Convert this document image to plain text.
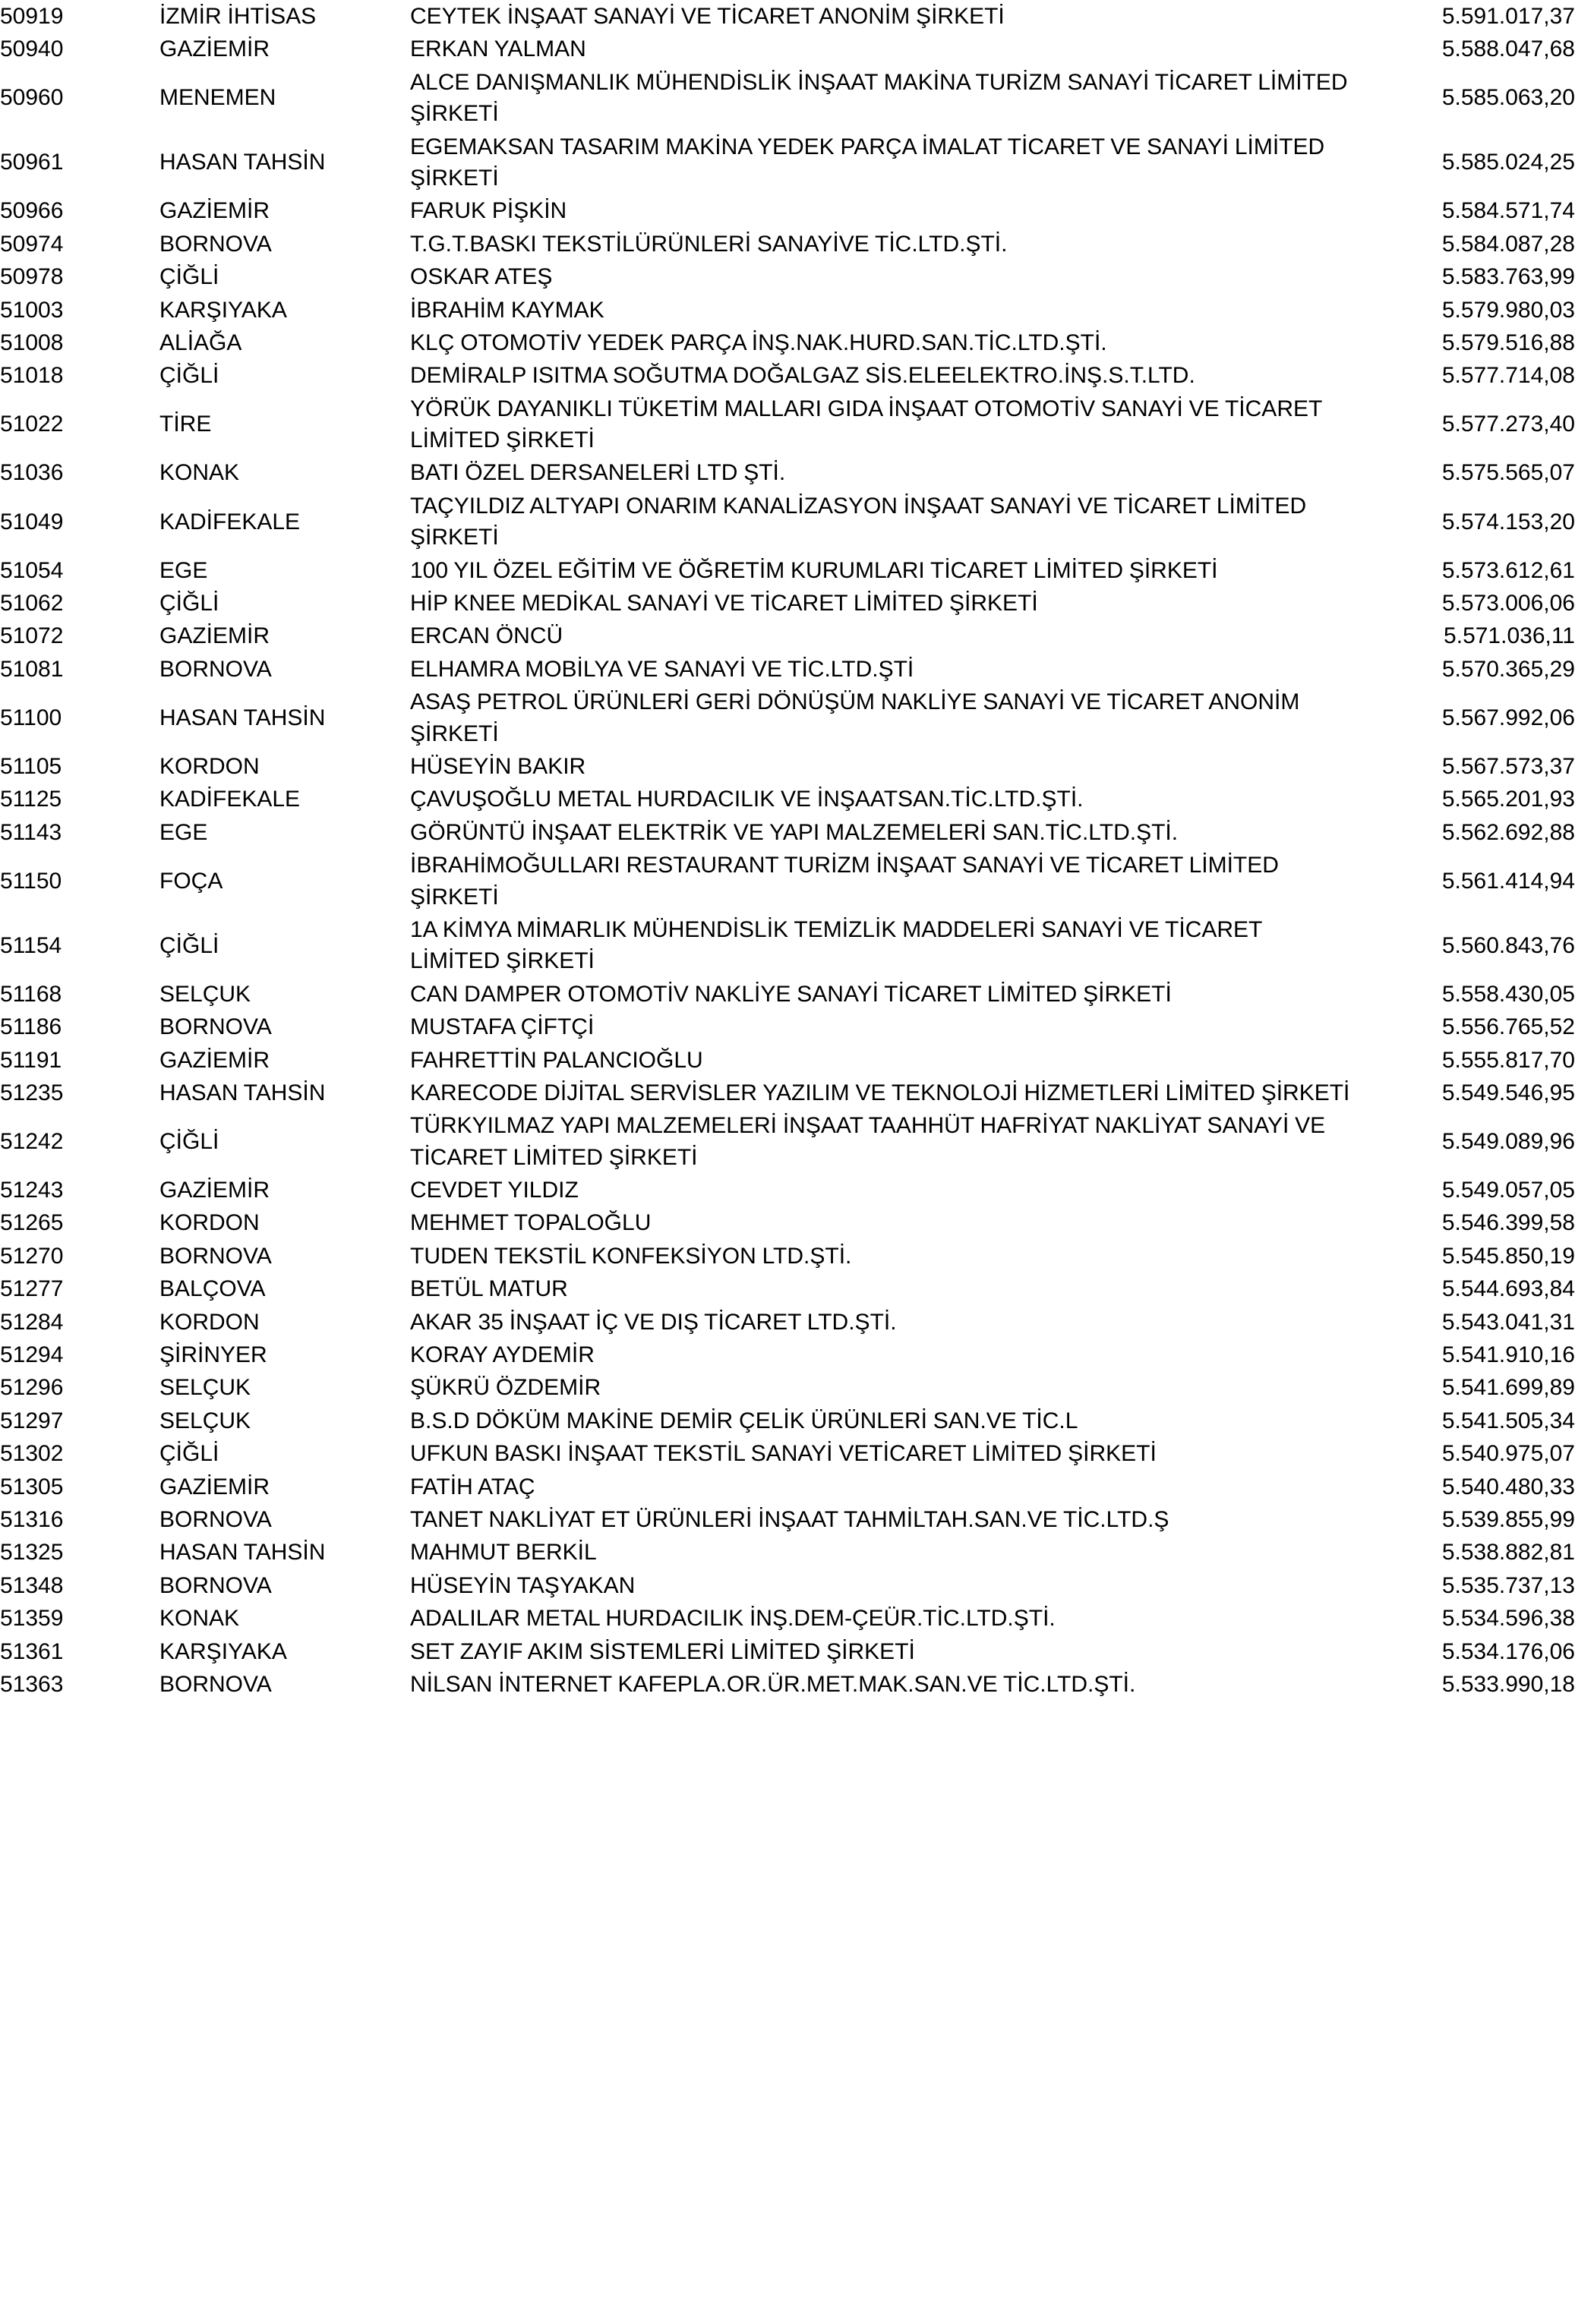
50919	İZMİR İHTİSAS	CEYTEK İNŞAAT SANAYİ VE TİCARET ANONİM ŞİRKETİ	5.591.017,37
50940	GAZİEMİR	ERKAN YALMAN	5.588.047,68
50960	MENEMEN	ALCE DANIŞMANLIK MÜHENDİSLİK İNŞAAT MAKİNA TURİZM SANAYİ TİCARET LİMİTED ŞİRKETİ	5.585.063,20
50961	HASAN TAHSİN	EGEMAKSAN TASARIM MAKİNA YEDEK PARÇA İMALAT TİCARET VE SANAYİ LİMİTED ŞİRKETİ	5.585.024,25
50966	GAZİEMİR	FARUK PİŞKİN	5.584.571,74
50974	BORNOVA	T.G.T.BASKI TEKSTİLÜRÜNLERİ SANAYİVE TİC.LTD.ŞTİ.	5.584.087,28
50978	ÇİĞLİ	OSKAR ATEŞ	5.583.763,99
51003	KARŞIYAKA	İBRAHİM KAYMAK	5.579.980,03
51008	ALİAĞA	KLÇ OTOMOTİV YEDEK PARÇA İNŞ.NAK.HURD.SAN.TİC.LTD.ŞTİ.	5.579.516,88
51018	ÇİĞLİ	DEMİRALP ISITMA SOĞUTMA DOĞALGAZ SİS.ELEELEKTRO.İNŞ.S.T.LTD.	5.577.714,08
51022	TİRE	YÖRÜK DAYANIKLI TÜKETİM MALLARI GIDA İNŞAAT OTOMOTİV SANAYİ VE TİCARET LİMİTED ŞİRKETİ	5.577.273,40
51036	KONAK	BATI ÖZEL DERSANELERİ LTD ŞTİ.	5.575.565,07
51049	KADİFEKALE	TAÇYILDIZ ALTYAPI ONARIM KANALİZASYON İNŞAAT SANAYİ VE TİCARET LİMİTED ŞİRKETİ	5.574.153,20
51054	EGE	100 YIL ÖZEL EĞİTİM VE ÖĞRETİM KURUMLARI TİCARET LİMİTED ŞİRKETİ	5.573.612,61
51062	ÇİĞLİ	HİP KNEE MEDİKAL SANAYİ VE TİCARET LİMİTED ŞİRKETİ	5.573.006,06
51072	GAZİEMİR	ERCAN ÖNCÜ	5.571.036,11
51081	BORNOVA	ELHAMRA MOBİLYA VE SANAYİ VE TİC.LTD.ŞTİ	5.570.365,29
51100	HASAN TAHSİN	ASAŞ PETROL ÜRÜNLERİ GERİ DÖNÜŞÜM NAKLİYE SANAYİ VE TİCARET ANONİM ŞİRKETİ	5.567.992,06
51105	KORDON	HÜSEYİN BAKIR	5.567.573,37
51125	KADİFEKALE	ÇAVUŞOĞLU METAL HURDACILIK VE İNŞAATSAN.TİC.LTD.ŞTİ.	5.565.201,93
51143	EGE	GÖRÜNTÜ İNŞAAT ELEKTRİK VE YAPI MALZEMELERİ SAN.TİC.LTD.ŞTİ.	5.562.692,88
51150	FOÇA	İBRAHİMOĞULLARI RESTAURANT TURİZM İNŞAAT SANAYİ VE TİCARET LİMİTED ŞİRKETİ	5.561.414,94
51154	ÇİĞLİ	1A KİMYA MİMARLIK MÜHENDİSLİK TEMİZLİK MADDELERİ SANAYİ VE TİCARET LİMİTED ŞİRKETİ	5.560.843,76
51168	SELÇUK	CAN DAMPER OTOMOTİV NAKLİYE SANAYİ TİCARET LİMİTED ŞİRKETİ	5.558.430,05
51186	BORNOVA	MUSTAFA ÇİFTÇİ	5.556.765,52
51191	GAZİEMİR	FAHRETTİN PALANCIOĞLU	5.555.817,70
51235	HASAN TAHSİN	KARECODE DİJİTAL SERVİSLER YAZILIM VE TEKNOLOJİ HİZMETLERİ LİMİTED ŞİRKETİ	5.549.546,95
51242	ÇİĞLİ	TÜRKYILMAZ YAPI MALZEMELERİ İNŞAAT TAAHHÜT HAFRİYAT NAKLİYAT SANAYİ VE TİCARET LİMİTED ŞİRKETİ	5.549.089,96
51243	GAZİEMİR	CEVDET YILDIZ	5.549.057,05
51265	KORDON	MEHMET TOPALOĞLU	5.546.399,58
51270	BORNOVA	TUDEN TEKSTİL KONFEKSİYON LTD.ŞTİ.	5.545.850,19
51277	BALÇOVA	BETÜL MATUR	5.544.693,84
51284	KORDON	AKAR 35 İNŞAAT İÇ VE DIŞ TİCARET LTD.ŞTİ.	5.543.041,31
51294	ŞİRİNYER	KORAY AYDEMİR	5.541.910,16
51296	SELÇUK	ŞÜKRÜ ÖZDEMİR	5.541.699,89
51297	SELÇUK	B.S.D DÖKÜM MAKİNE DEMİR ÇELİK ÜRÜNLERİ SAN.VE TİC.L	5.541.505,34
51302	ÇİĞLİ	UFKUN BASKI İNŞAAT TEKSTİL SANAYİ VETİCARET LİMİTED ŞİRKETİ	5.540.975,07
51305	GAZİEMİR	FATİH ATAÇ	5.540.480,33
51316	BORNOVA	TANET NAKLİYAT ET ÜRÜNLERİ İNŞAAT TAHMİLTAH.SAN.VE TİC.LTD.Ş	5.539.855,99
51325	HASAN TAHSİN	MAHMUT BERKİL	5.538.882,81
51348	BORNOVA	HÜSEYİN TAŞYAKAN	5.535.737,13
51359	KONAK	ADALILAR METAL HURDACILIK İNŞ.DEM-ÇEÜR.TİC.LTD.ŞTİ.	5.534.596,38
51361	KARŞIYAKA	SET ZAYIF AKIM SİSTEMLERİ LİMİTED ŞİRKETİ	5.534.176,06
51363	BORNOVA	NİLSAN İNTERNET KAFEPLA.OR.ÜR.MET.MAK.SAN.VE TİC.LTD.ŞTİ.	5.533.990,18
